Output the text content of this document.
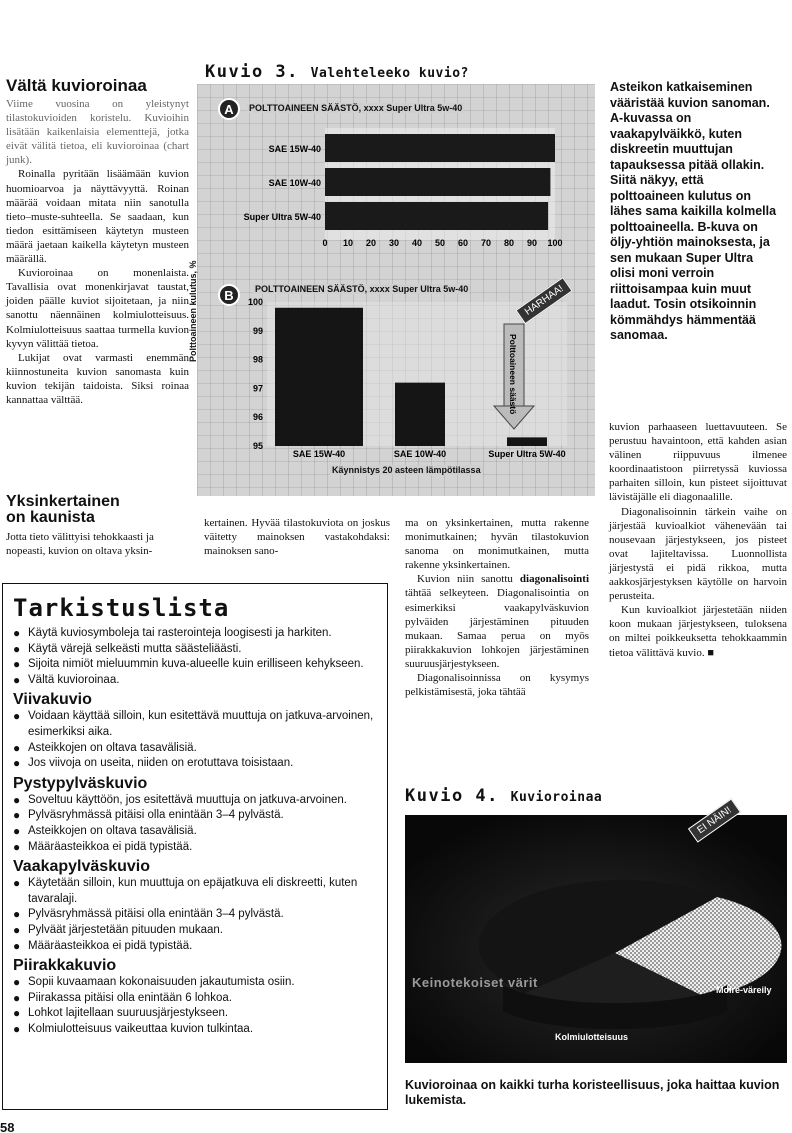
Vältä kuvioroinaa

Viime vuosina on yleistynyt tilastokuvioiden koristelu. Kuvioihin lisätään kaikenlaisia elementtejä, jotka eivät välitä tietoa, eli kuvioroinaa (chart junk).

Roinalla pyritään lisäämään kuvion huomioarvoa ja näyttävyyttä. Roinan määrää voidaan mitata niin sanotulla tieto–muste-suhteella. Se saadaan, kun tiedon esittämiseen käytetyn musteen määrä jaetaan kaikella käytetyn musteen määrällä.

Kuvioroinaa on monenlaista. Tavallisia ovat monenkirjavat taustat, joiden päälle kuviot sijoitetaan, ja niin sanottu näennäinen kolmiulotteisuus. Kolmiulotteisuus saattaa turmella kuvion kyvyn välittää tietoa.

Lukijat ovat varmasti enemmän kiinnostuneita kuvion sanomasta kuin kuvion tekijän taidoista. Siksi roinaa kannattaa välttää.

Yksinkertainen
on kaunista
Jotta tieto välittyisi tehokkaasti ja nopeasti, kuvion on oltava yksin-
Kuvio 3. Valehteleeko kuvio?
SAE 15W-40
SAE 10W-40
Super Ultra 5W-40
0 10 20 30 40 50 60 70 80 90 100
95
96
97
98
99
100
SAE 15W-40	SAE 10W-40	Super Ultra 5W-40
Polttoaineen säästö
A	POLTTOAINEEN SÄÄSTÖ, xxxx Super Ultra 5w-40
B	POLTTOAINEEN SÄÄSTÖ, xxxx Super Ultra 5w-40	HARHAA!
Polttoaineen kulutus, %
Käynnistys 20 asteen lämpötilassa
Asteikon katkaiseminen vääristää kuvion sanoman. A-kuvassa on vaakapylväikkö, kuten diskreetin muuttujan tapauksessa pitää ollakin. Siitä näkyy, että polttoaineen kulutus on lähes sama kaikilla kolmella polttoaineella. B-kuva on öljy-yhtiön mainoksesta, ja sen mukaan Super Ultra olisi moni verroin riittoisampaa kuin muut laadut. Tosin otsikoinnin kömmähdys hämmentää sanomaa.

kuvion parhaaseen luettavuuteen. Se perustuu havaintoon, että kahden asian välinen riippuvuus ilmenee koordinaatistoon piirretyssä kuviossa parhaiten silloin, kun pisteet sijoittuvat lävistäjälle eli diagonaalille.

Diagonalisoinnin tärkein vaihe on järjestää kuvioalkiot vähenevään tai nousevaan järjestykseen, jos pisteet ovat lajiteltavissa. Luonnollista järjestystä ei pidä rikkoa, mutta aakkosjärjestyksen käytölle on harvoin perusteita.

Kun kuvioalkiot järjestetään niiden koon mukaan järjestykseen, tuloksena on miltei poikkeuksetta tehokkaammin tietoa välittävä kuvio. ■

kertainen. Hyvää tilastokuviota on joskus väitetty mainoksen vastakohdaksi: mainoksen sano-

ma on yksinkertainen, mutta rakenne monimutkainen; hyvän tilastokuvion sanoma on monimutkainen, mutta rakenne yksinkertainen.

Kuvion niin sanottu diagonalisointi tähtää selkeyteen. Diagonalisointia on esimerkiksi vaakapylväskuvion pylväiden järjestäminen pituuden mukaan. Samaa perua on myös piirakkakuvion lohkojen järjestäminen suuruusjärjestykseen.

Diagonalisoinnissa on kysymys pelkistämisestä, joka tähtää

Tarkistuslista
● Käytä kuviosymboleja tai rasterointeja loogisesti ja harkiten.
● Käytä värejä selkeästi mutta säästeliäästi.
● Sijoita nimiöt mieluummin kuva-alueelle kuin erilliseen kehykseen.
● Vältä kuvioroinaa.
Viivakuvio
● Voidaan käyttää silloin, kun esitettävä muuttuja on jatkuva-arvoinen, esimerkiksi aika.
● Asteikkojen on oltava tasavälisiä.
● Jos viivoja on useita, niiden on erotuttava toisistaan.
Pystypylväskuvio
● Soveltuu käyttöön, jos esitettävä muuttuja on jatkuva-arvoinen.
● Pylväsryhmässä pitäisi olla enintään 3–4 pylvästä.
● Asteikkojen on oltava tasavälisiä.
● Määräasteikkoa ei pidä typistää.
Vaakapylväskuvio
● Käytetään silloin, kun muuttuja on epäjatkuva eli diskreetti, kuten tavaralaji.
● Pylväsryhmässä pitäisi olla enintään 3–4 pylvästä.
● Pylväät järjestetään pituuden mukaan.
● Määräasteikkoa ei pidä typistää.
Piirakkakuvio
● Sopii kuvaamaan kokonaisuuden jakautumista osiin.
● Piirakassa pitäisi olla enintään 6 lohkoa.
● Lohkot lajitellaan suuruusjärjestykseen.
● Kolmiulotteisuus vaikeuttaa kuvion tulkintaa.
Kuvio 4. Kuvioroinaa
EI NÄIN!
Keinotekoiset värit	Moiré-väreily
Kolmiulotteisuus
Kuvioroinaa on kaikki turha koristeellisuus, joka haittaa kuvion lukemista.
58
